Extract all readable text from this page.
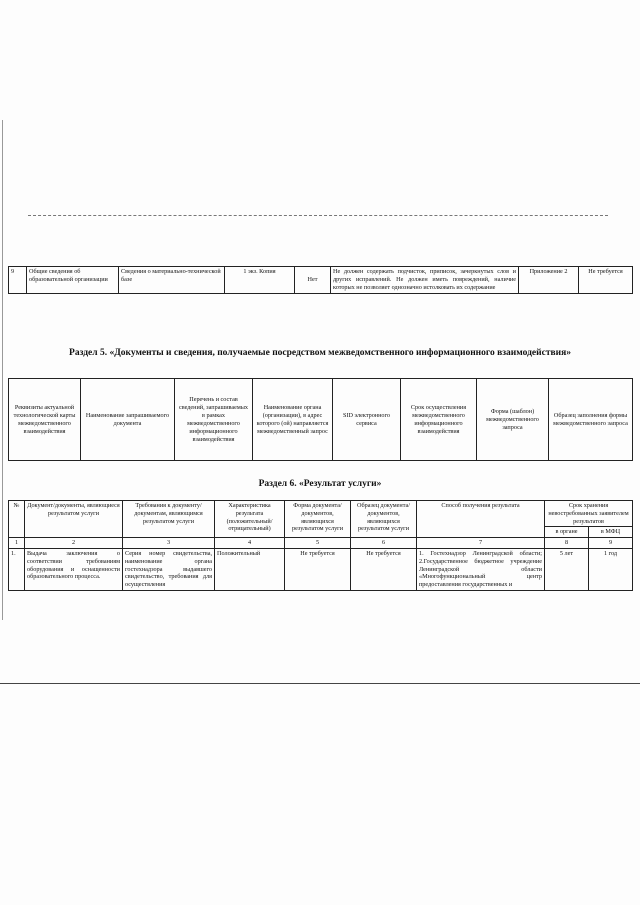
9	Общие сведения об образовательной организации	Сведения о материально-технической базе	1 экз. Копия	Нет	Не должен содержать подчисток, приписок, зачеркнутых слов и других исправлений. Не должен иметь повреждений, наличие которых не позволяет однозначно истолковать их содержание	Приложение 2	Не требуется
Раздел 5. «Документы и сведения, получаемые посредством межведомственного информационного взаимодействия»
Реквизиты актуальной технологической карты межведомственного взаимодействия	Наименование запрашиваемого документа	Перечень и состав сведений, запрашиваемых в рамках межведомственного информационного взаимодействия	Наименование органа (организации), в адрес которого (ой) направляется межведомственный запрос	SID электронного сервиса	Срок осуществления межведомственного информационного взаимодействия	Форма (шаблон) межведомственного запроса	Образец заполнения формы межведомственного запроса
Раздел 6. «Результат услуги»
№	Документ/документы, являющиеся результатом услуги	Требования к документу/документам, являющимся результатом услуги	Характеристика результата (положительный/отрицательный)	Форма документа/документов, являющихся результатом услуги	Образец документа/документов, являющихся результатом услуги	Способ получения результата	Срок хранения невостребованных заявителем результатов	
							в органе	в МФЦ
1	2	3	4	5	6	7	8	9
1.	Выдача заключения о соответствии требованиям оборудования и оснащенности образовательного процесса.	Серия номер свидетельства, наименование органа гостехнадзора выдавшего свидетельство, требования для осуществления	Положительный	Не требуется	Не требуется	1. Гостехнадзор Ленинградской области; 2.Государственное бюджетное учреждение Ленинградской области «Многофункциональный центр предоставления государственных и	5 лет	1 год
